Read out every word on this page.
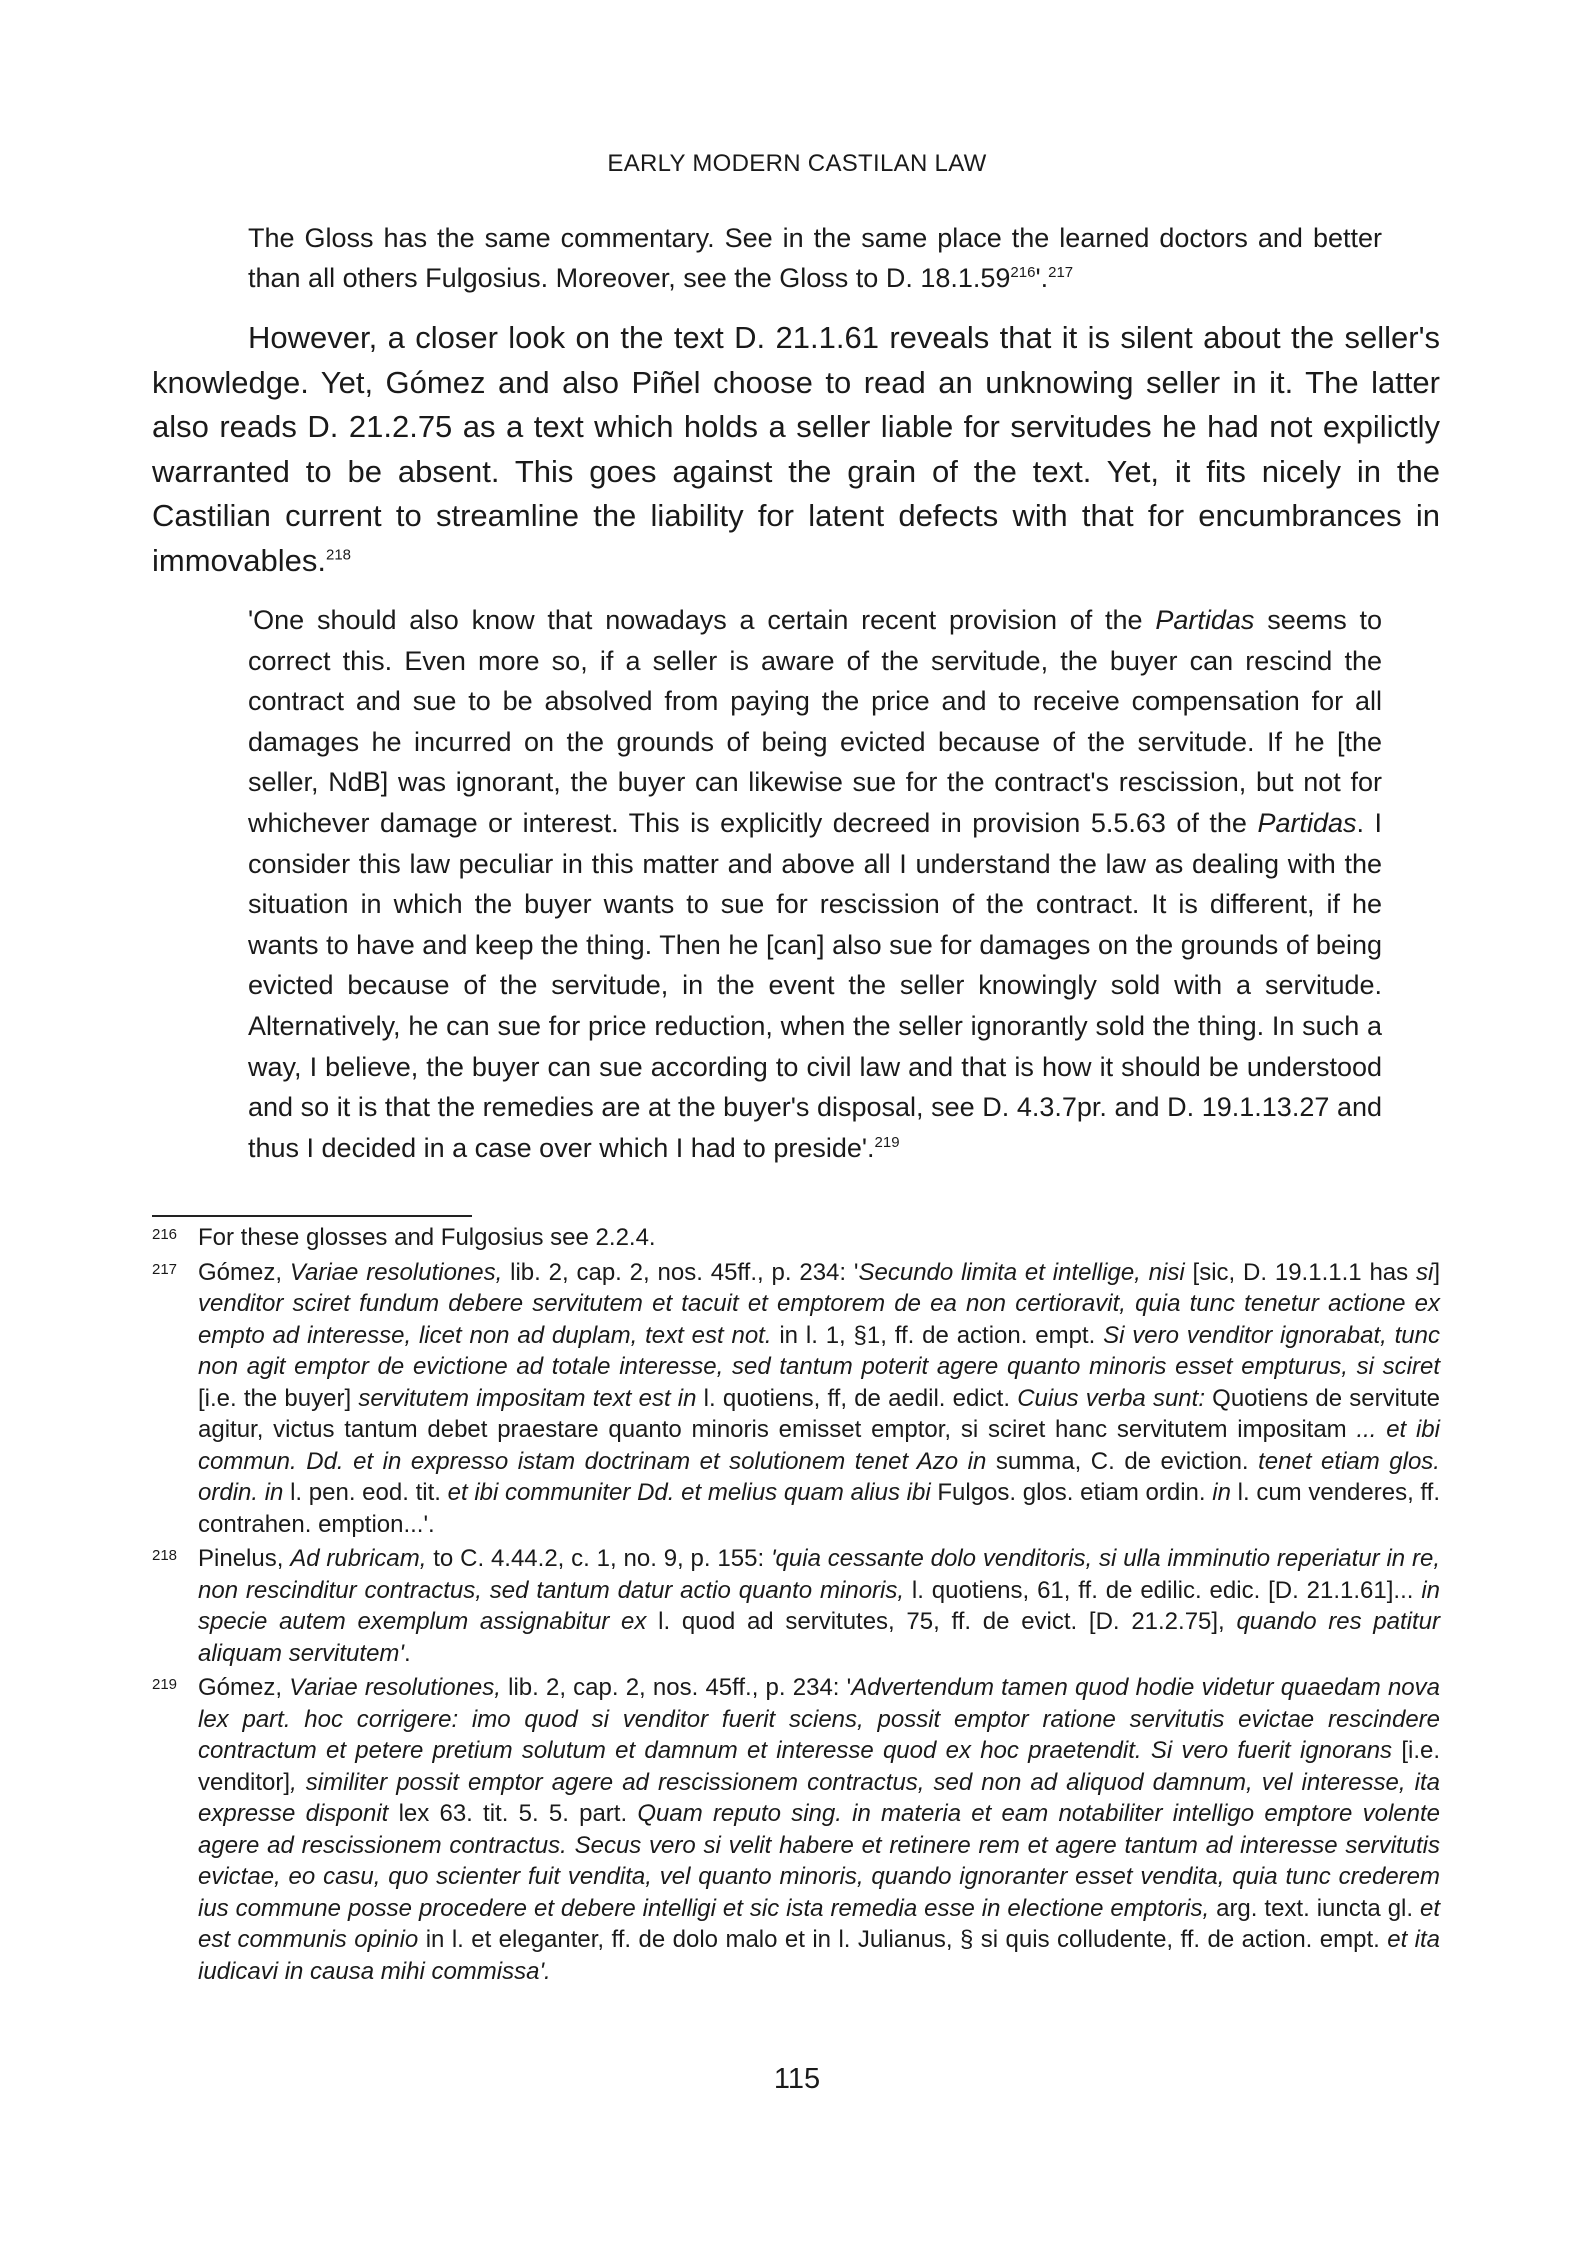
EARLY MODERN CASTILAN LAW
The Gloss has the same commentary. See in the same place the learned doctors and better than all others Fulgosius. Moreover, see the Gloss to D. 18.1.59$^{216}$'.$^{217}$
However, a closer look on the text D. 21.1.61 reveals that it is silent about the seller's knowledge. Yet, Gómez and also Piñel choose to read an unknowing seller in it. The latter also reads D. 21.2.75 as a text which holds a seller liable for servitudes he had not expilictly warranted to be absent. This goes against the grain of the text. Yet, it fits nicely in the Castilian current to streamline the liability for latent defects with that for encumbrances in immovables.$^{218}$
'One should also know that nowadays a certain recent provision of the Partidas seems to correct this. Even more so, if a seller is aware of the servitude, the buyer can rescind the contract and sue to be absolved from paying the price and to receive compensation for all damages he incurred on the grounds of being evicted because of the servitude. If he [the seller, NdB] was ignorant, the buyer can likewise sue for the contract's rescission, but not for whichever damage or interest. This is explicitly decreed in provision 5.5.63 of the Partidas. I consider this law peculiar in this matter and above all I understand the law as dealing with the situation in which the buyer wants to sue for rescission of the contract. It is different, if he wants to have and keep the thing. Then he [can] also sue for damages on the grounds of being evicted because of the servitude, in the event the seller knowingly sold with a servitude. Alternatively, he can sue for price reduction, when the seller ignorantly sold the thing. In such a way, I believe, the buyer can sue according to civil law and that is how it should be understood and so it is that the remedies are at the buyer's disposal, see D. 4.3.7pr. and D. 19.1.13.27 and thus I decided in a case over which I had to preside'.$^{219}$
216 For these glosses and Fulgosius see 2.2.4.
217 Gómez, Variae resolutiones, lib. 2, cap. 2, nos. 45ff., p. 234: 'Secundo limita et intellige, nisi [sic, D. 19.1.1.1 has si] venditor sciret fundum debere servitutem et tacuit et emptorem de ea non certioravit, quia tunc tenetur actione ex empto ad interesse, licet non ad duplam, text est not. in l. 1, §1, ff. de action. empt. Si vero venditor ignorabat, tunc non agit emptor de evictione ad totale interesse, sed tantum poterit agere quanto minoris esset empturus, si sciret [i.e. the buyer] servitutem impositam text est in l. quotiens, ff, de aedil. edict. Cuius verba sunt: Quotiens de servitute agitur, victus tantum debet praestare quanto minoris emisset emptor, si sciret hanc servitutem impositam ... et ibi commun. Dd. et in expresso istam doctrinam et solutionem tenet Azo in summa, C. de eviction. tenet etiam glos. ordin. in l. pen. eod. tit. et ibi communiter Dd. et melius quam alius ibi Fulgos. glos. etiam ordin. in l. cum venderes, ff. contrahen. emption...'.
218 Pinelus, Ad rubricam, to C. 4.44.2, c. 1, no. 9, p. 155: 'quia cessante dolo venditoris, si ulla imminutio reperiatur in re, non rescinditur contractus, sed tantum datur actio quanto minoris, l. quotiens, 61, ff. de edilic. edic. [D. 21.1.61]... in specie autem exemplum assignabitur ex l. quod ad servitutes, 75, ff. de evict. [D. 21.2.75], quando res patitur aliquam servitutem'.
219 Gómez, Variae resolutiones, lib. 2, cap. 2, nos. 45ff., p. 234: 'Advertendum tamen quod hodie videtur quaedam nova lex part. hoc corrigere: imo quod si venditor fuerit sciens, possit emptor ratione servitutis evictae rescindere contractum et petere pretium solutum et damnum et interesse quod ex hoc praetendit. Si vero fuerit ignorans [i.e. venditor], similiter possit emptor agere ad rescissionem contractus, sed non ad aliquod damnum, vel interesse, ita expresse disponit lex 63. tit. 5. 5. part. Quam reputo sing. in materia et eam notabiliter intelligo emptore volente agere ad rescissionem contractus. Secus vero si velit habere et retinere rem et agere tantum ad interesse servitutis evictae, eo casu, quo scienter fuit vendita, vel quanto minoris, quando ignoranter esset vendita, quia tunc crederem ius commune posse procedere et debere intelligi et sic ista remedia esse in electione emptoris, arg. text. iuncta gl. et est communis opinio in l. et eleganter, ff. de dolo malo et in l. Julianus, § si quis colludente, ff. de action. empt. et ita iudicavi in causa mihi commissa'.
115
